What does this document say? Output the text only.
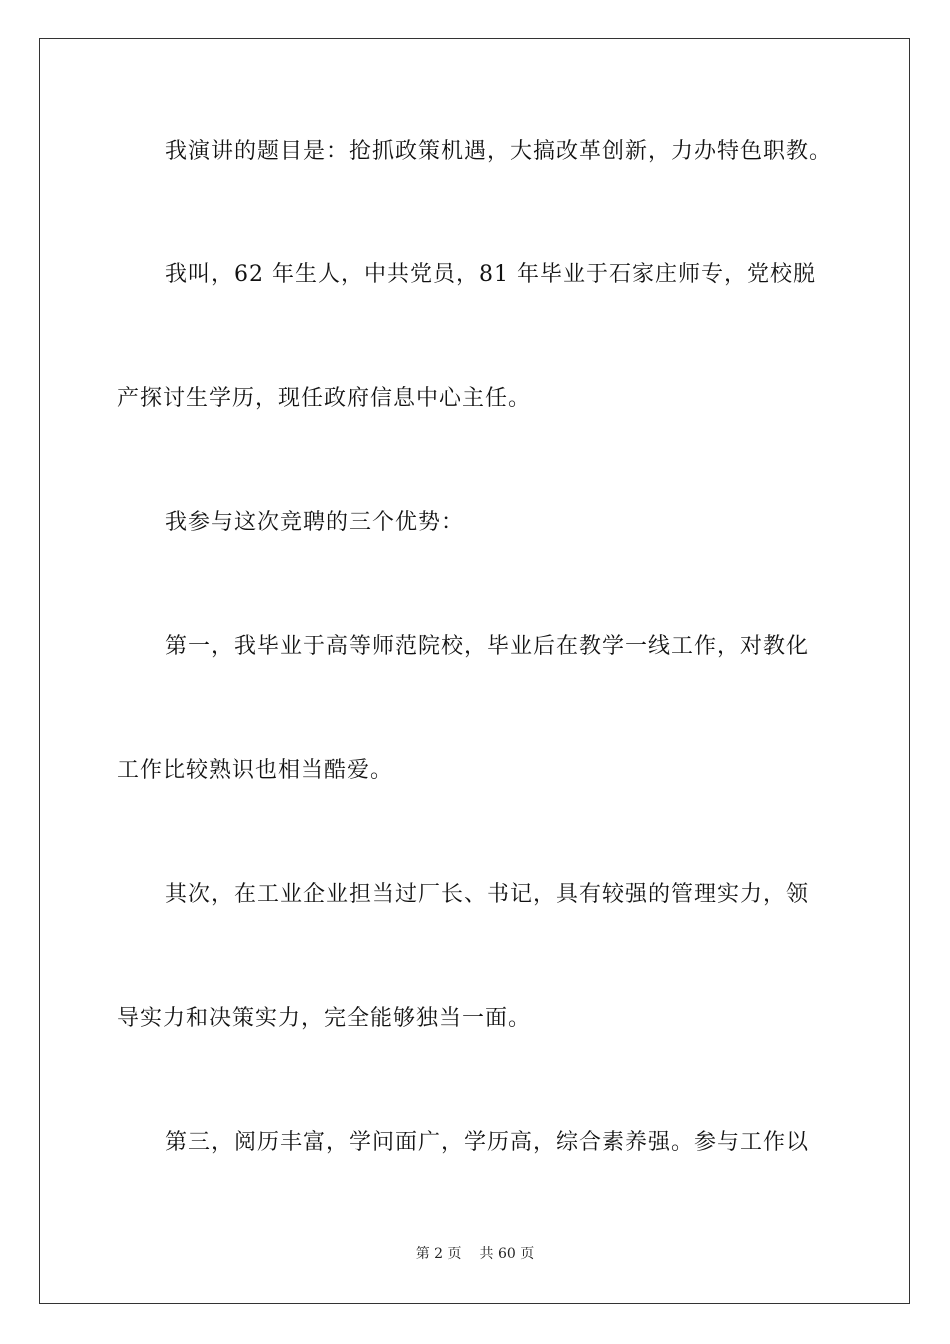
我演讲的题目是：抢抓政策机遇，大搞改革创新，力办特色职教。
我叫，62 年生人，中共党员，81 年毕业于石家庄师专，党校脱
产探讨生学历，现任政府信息中心主任。
我参与这次竞聘的三个优势：
第一，我毕业于高等师范院校，毕业后在教学一线工作，对教化
工作比较熟识也相当酷爱。
其次，在工业企业担当过厂长、书记，具有较强的管理实力，领
导实力和决策实力，完全能够独当一面。
第三，阅历丰富，学问面广，学历高，综合素养强。参与工作以
第 2 页 共 60 页
